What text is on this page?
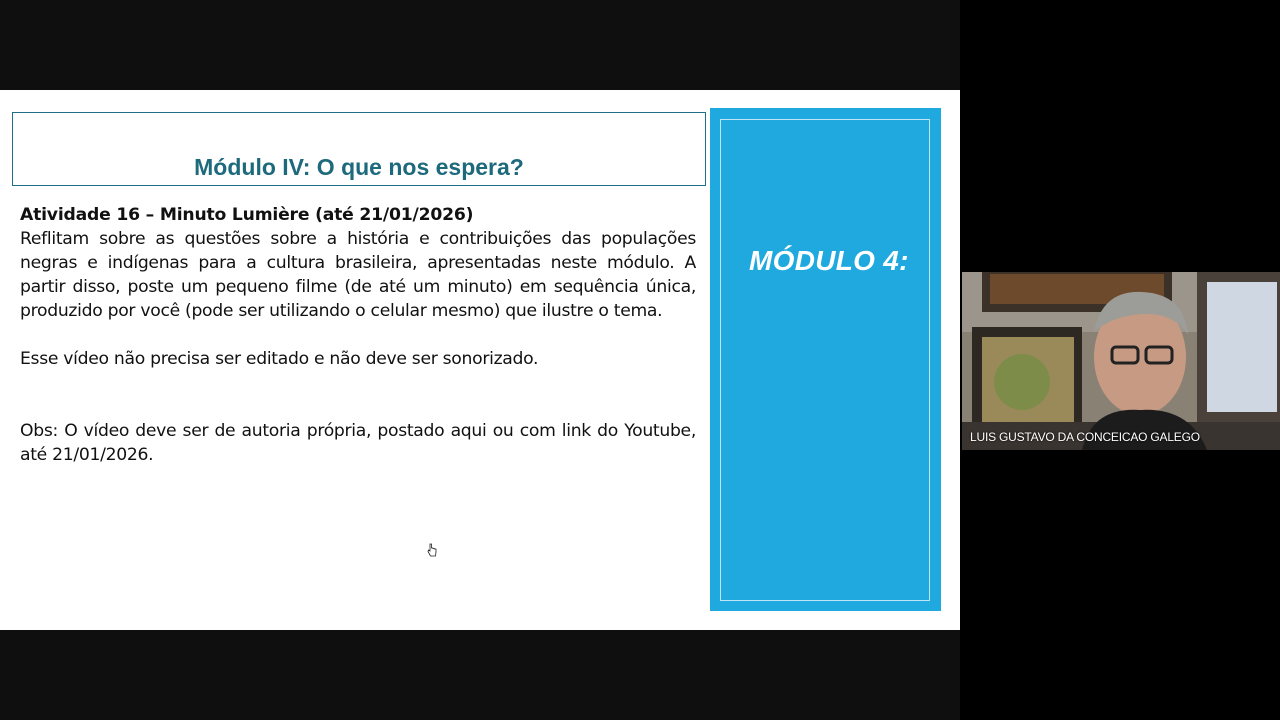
Módulo IV: O que nos espera?

Atividade 16 – Minuto Lumière (até 21/01/2026)

Reflitam sobre as questões sobre a história e contribuições das populações negras e indígenas para a cultura brasileira, apresentadas neste módulo. A partir disso, poste um pequeno filme (de até um minuto) em sequência única, produzido por você (pode ser utilizando o celular mesmo) que ilustre o tema.

Esse vídeo não precisa ser editado e não deve ser sonorizado.

Obs: O vídeo deve ser de autoria própria, postado aqui ou com link do Youtube, até 21/01/2026.

MÓDULO 4:
LUIS GUSTAVO DA CONCEICAO GALEGO
